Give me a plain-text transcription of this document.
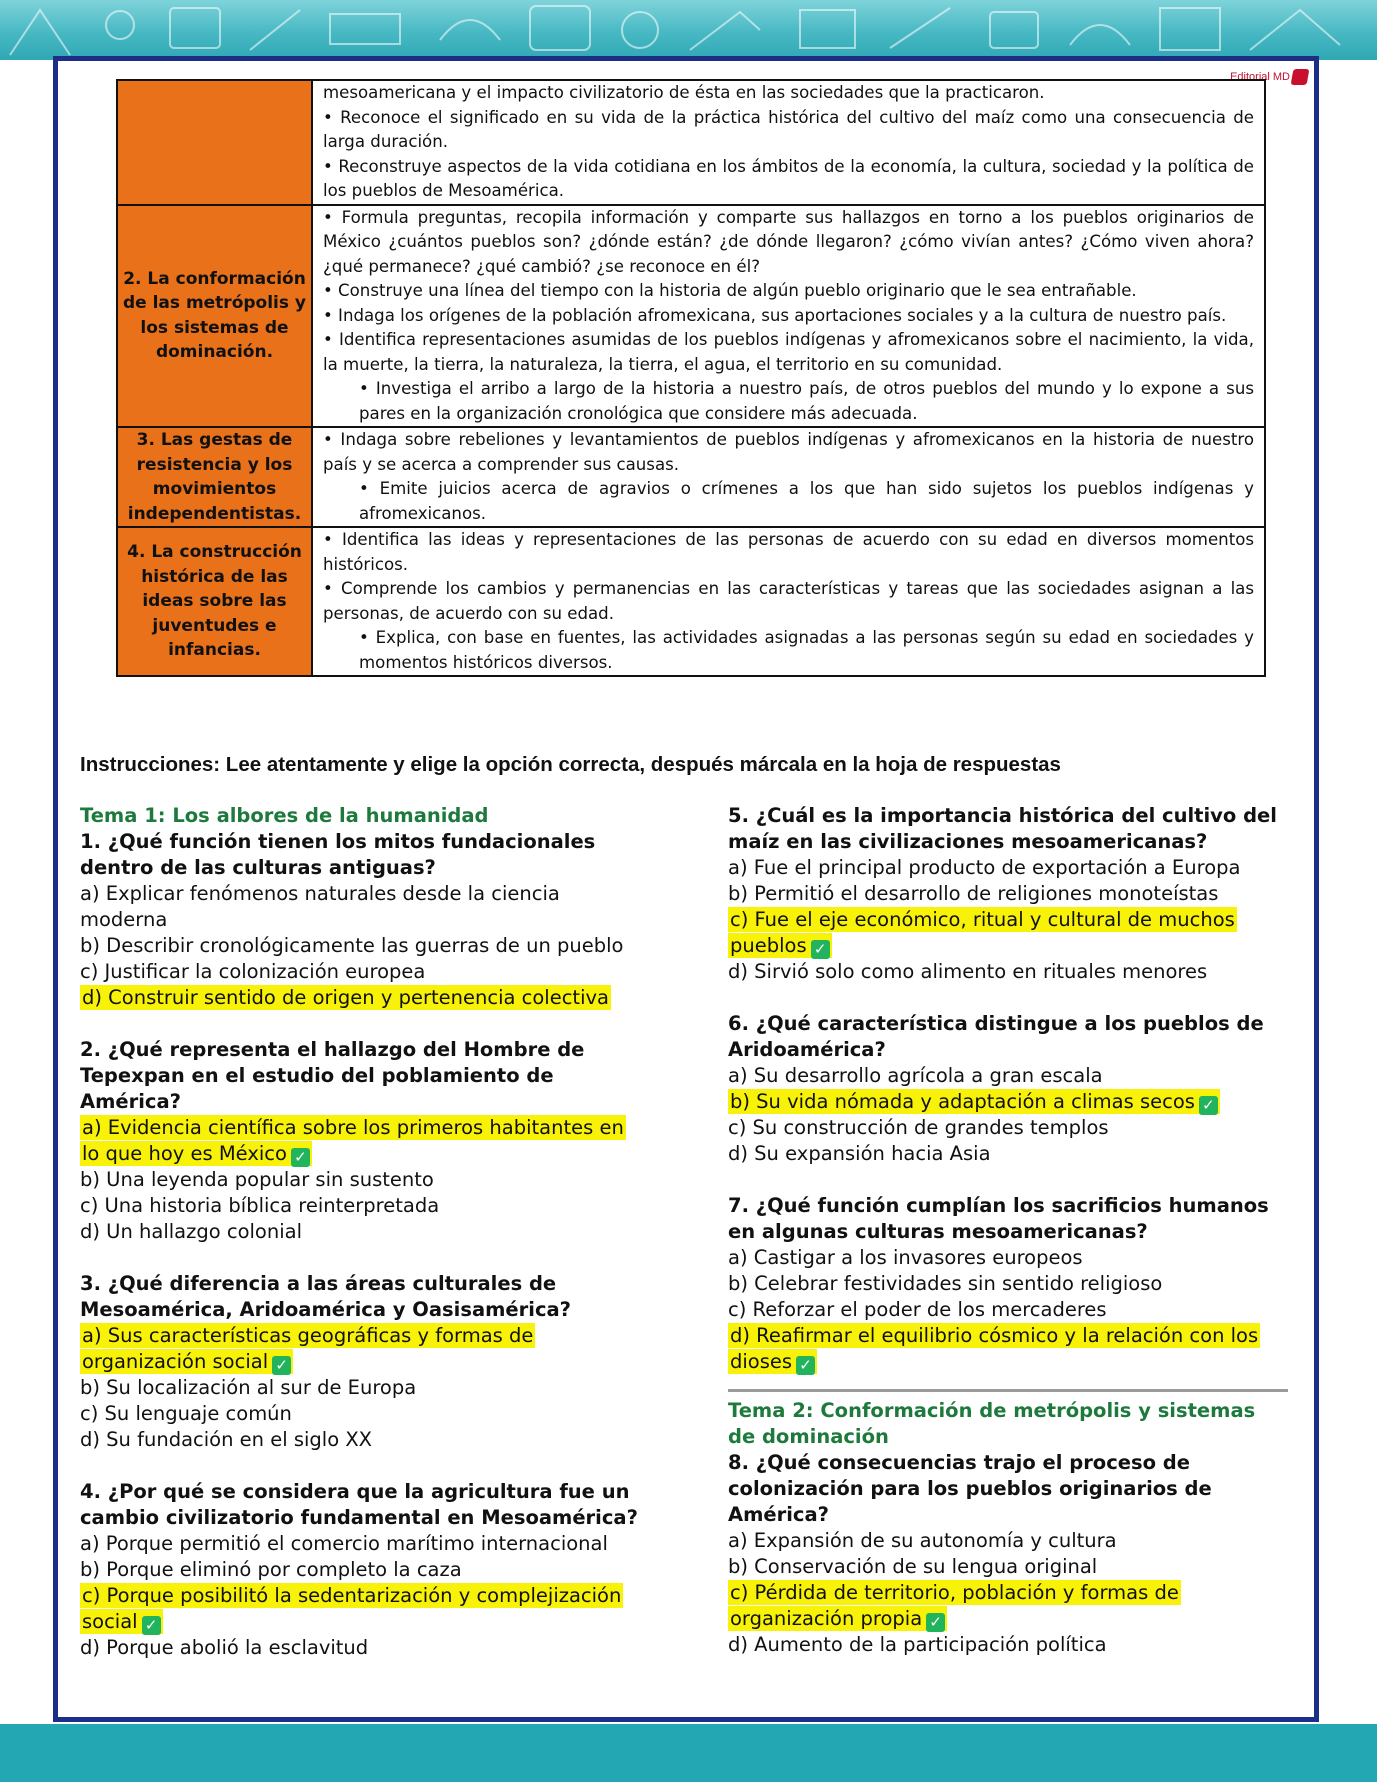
Editorial MD

	mesoamericana y el impacto civilizatorio de ésta en las sociedades que la practicaron.
• Reconoce el significado en su vida de la práctica histórica del cultivo del maíz como una consecuencia de larga duración.
• Reconstruye aspectos de la vida cotidiana en los ámbitos de la economía, la cultura, sociedad y la política de los pueblos de Mesoamérica.

2. La conformación de las metrópolis y los sistemas de dominación.	• Formula preguntas, recopila información y comparte sus hallazgos en torno a los pueblos originarios de México ¿cuántos pueblos son? ¿dónde están? ¿de dónde llegaron? ¿cómo vivían antes? ¿Cómo viven ahora? ¿qué permanece? ¿qué cambió? ¿se reconoce en él?
• Construye una línea del tiempo con la historia de algún pueblo originario que le sea entrañable.
• Indaga los orígenes de la población afromexicana, sus aportaciones sociales y a la cultura de nuestro país.
• Identifica representaciones asumidas de los pueblos indígenas y afromexicanos sobre el nacimiento, la vida, la muerte, la tierra, la naturaleza, la tierra, el agua, el territorio en su comunidad.
• Investiga el arribo a largo de la historia a nuestro país, de otros pueblos del mundo y lo expone a sus pares en la organización cronológica que considere más adecuada.

3. Las gestas de resistencia y los movimientos independentistas.	• Indaga sobre rebeliones y levantamientos de pueblos indígenas y afromexicanos en la historia de nuestro país y se acerca a comprender sus causas.
• Emite juicios acerca de agravios o crímenes a los que han sido sujetos los pueblos indígenas y afromexicanos.

4. La construcción histórica de las ideas sobre las juventudes e infancias.	• Identifica las ideas y representaciones de las personas de acuerdo con su edad en diversos momentos históricos.
• Comprende los cambios y permanencias en las características y tareas que las sociedades asignan a las personas, de acuerdo con su edad.
• Explica, con base en fuentes, las actividades asignadas a las personas según su edad en sociedades y momentos históricos diversos.
Instrucciones: Lee atentamente y elige la opción correcta, después márcala en la hoja de respuestas
Tema 1: Los albores de la humanidad
1. ¿Qué función tienen los mitos fundacionales dentro de las culturas antiguas?
a) Explicar fenómenos naturales desde la ciencia moderna
b) Describir cronológicamente las guerras de un pueblo
c) Justificar la colonización europea
d) Construir sentido de origen y pertenencia colectiva
2. ¿Qué representa el hallazgo del Hombre de Tepexpan en el estudio del poblamiento de América?
a) Evidencia científica sobre los primeros habitantes en lo que hoy es México ✓
b) Una leyenda popular sin sustento
c) Una historia bíblica reinterpretada
d) Un hallazgo colonial
3. ¿Qué diferencia a las áreas culturales de Mesoamérica, Aridoamérica y Oasisamérica?
a) Sus características geográficas y formas de organización social ✓
b) Su localización al sur de Europa
c) Su lenguaje común
d) Su fundación en el siglo XX
4. ¿Por qué se considera que la agricultura fue un cambio civilizatorio fundamental en Mesoamérica?
a) Porque permitió el comercio marítimo internacional
b) Porque eliminó por completo la caza
c) Porque posibilitó la sedentarización y complejización social ✓
d) Porque abolió la esclavitud
5. ¿Cuál es la importancia histórica del cultivo del maíz en las civilizaciones mesoamericanas?
a) Fue el principal producto de exportación a Europa
b) Permitió el desarrollo de religiones monoteístas
c) Fue el eje económico, ritual y cultural de muchos pueblos ✓
d) Sirvió solo como alimento en rituales menores
6. ¿Qué característica distingue a los pueblos de Aridoamérica?
a) Su desarrollo agrícola a gran escala
b) Su vida nómada y adaptación a climas secos ✓
c) Su construcción de grandes templos
d) Su expansión hacia Asia
7. ¿Qué función cumplían los sacrificios humanos en algunas culturas mesoamericanas?
a) Castigar a los invasores europeos
b) Celebrar festividades sin sentido religioso
c) Reforzar el poder de los mercaderes
d) Reafirmar el equilibrio cósmico y la relación con los dioses ✓
Tema 2: Conformación de metrópolis y sistemas de dominación
8. ¿Qué consecuencias trajo el proceso de colonización para los pueblos originarios de América?
a) Expansión de su autonomía y cultura
b) Conservación de su lengua original
c) Pérdida de territorio, población y formas de organización propia ✓
d) Aumento de la participación política
